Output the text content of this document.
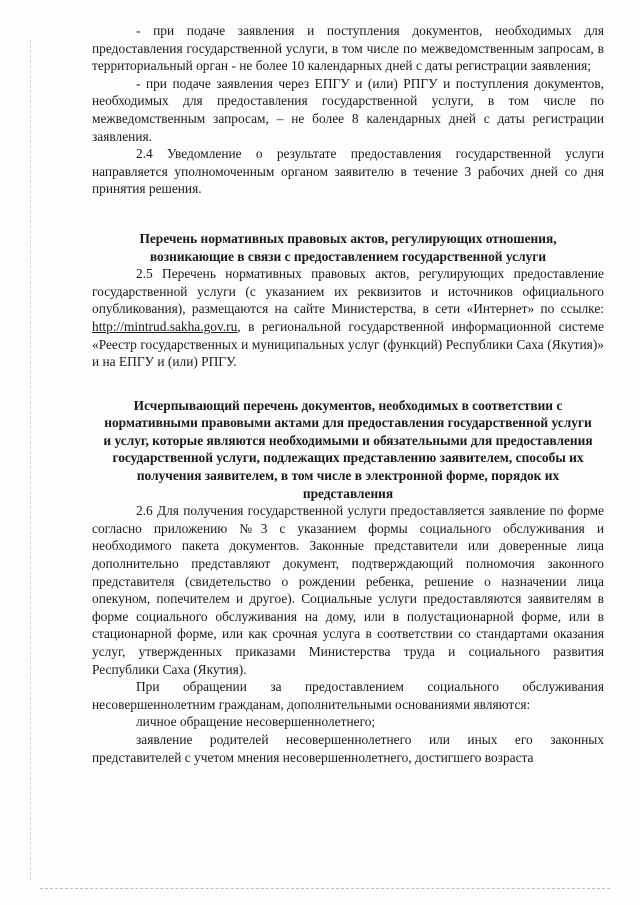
- при подаче заявления и поступления документов, необходимых для предоставления государственной услуги, в том числе по межведомственным запросам, в территориальный орган - не более 10 календарных дней с даты регистрации заявления;

- при подаче заявления через ЕПГУ и (или) РПГУ и поступления документов, необходимых для предоставления государственной услуги, в том числе по межведомственным запросам, – не более 8 календарных дней с даты регистрации заявления.

2.4 Уведомление о результате предоставления государственной услуги направляется уполномоченным органом заявителю в течение 3 рабочих дней со дня принятия решения.

Перечень нормативных правовых актов, регулирующих отношения, возникающие в связи с предоставлением государственной услуги

2.5 Перечень нормативных правовых актов, регулирующих предоставление государственной услуги (с указанием их реквизитов и источников официального опубликования), размещаются на сайте Министерства, в сети «Интернет» по ссылке: http://mintrud.sakha.gov.ru, в региональной государственной информационной системе «Реестр государственных и муниципальных услуг (функций) Республики Саха (Якутия)» и на ЕПГУ и (или) РПГУ.

Исчерпывающий перечень документов, необходимых в соответствии с нормативными правовыми актами для предоставления государственной услуги и услуг, которые являются необходимыми и обязательными для предоставления государственной услуги, подлежащих представлению заявителем, способы их получения заявителем, в том числе в электронной форме, порядок их представления

2.6 Для получения государственной услуги предоставляется заявление по форме согласно приложению №3 с указанием формы социального обслуживания и необходимого пакета документов. Законные представители или доверенные лица дополнительно представляют документ, подтверждающий полномочия законного представителя (свидетельство о рождении ребенка, решение о назначении лица опекуном, попечителем и другое). Социальные услуги предоставляются заявителям в форме социального обслуживания на дому, или в полустационарной форме, или в стационарной форме, или как срочная услуга в соответствии со стандартами оказания услуг, утвержденных приказами Министерства труда и социального развития Республики Саха (Якутия).

При обращении за предоставлением социального обслуживания несовершеннолетним гражданам, дополнительными основаниями являются:

личное обращение несовершеннолетнего;

заявление родителей несовершеннолетнего или иных его законных представителей с учетом мнения несовершеннолетнего, достигшего возраста
